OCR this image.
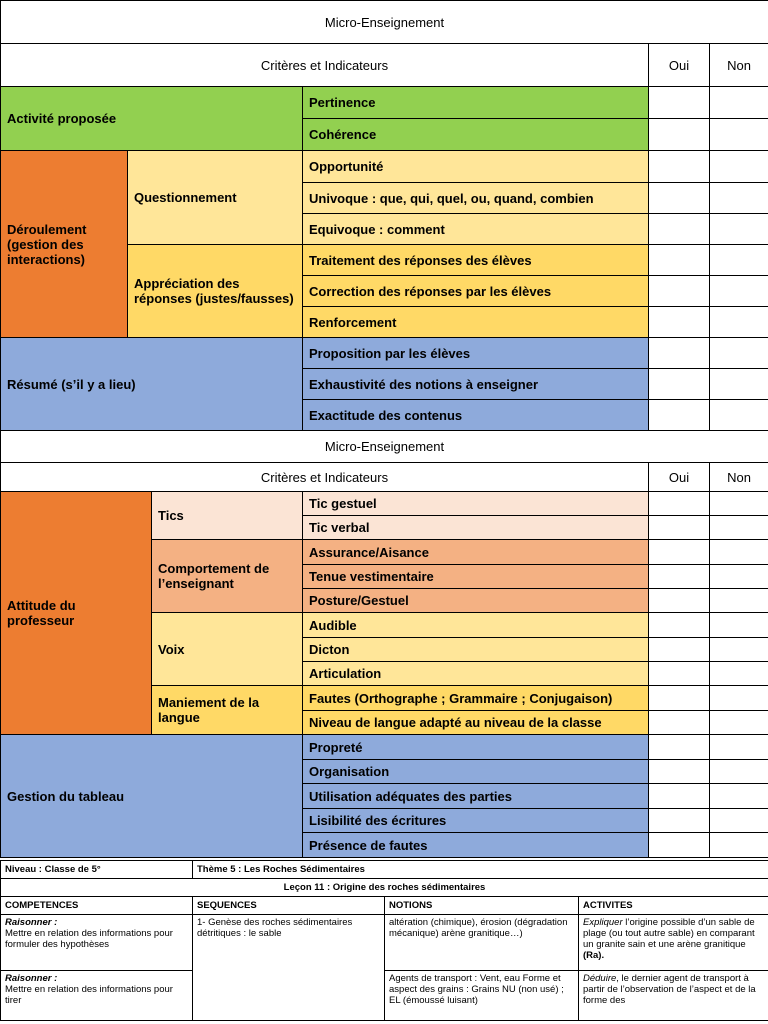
Micro-Enseignement				
Critères et Indicateurs			Oui	Non
Activité proposée		Pertinence		
		Cohérence		
Déroulement (gestion des interactions)	Questionnement	Opportunité		
		Univoque : que, qui, quel, ou, quand, combien		
		Equivoque : comment		
	Appréciation des réponses (justes/fausses)	Traitement des réponses des élèves		
		Correction des réponses par les élèves		
		Renforcement		
Résumé (s’il y a lieu)		Proposition par les élèves		
		Exhaustivité des notions à enseigner		
		Exactitude des contenus		
Micro-Enseignement				
Critères et Indicateurs			Oui	Non
Attitude du professeur	Tics	Tic gestuel		
		Tic verbal		
	Comportement de l’enseignant	Assurance/Aisance		
		Tenue vestimentaire		
		Posture/Gestuel		
	Voix	Audible		
		Dicton		
		Articulation		
	Maniement de la langue	Fautes (Orthographe ; Grammaire ; Conjugaison)		
		Niveau de langue adapté au niveau de la classe		
Gestion du tableau		Propreté		
		Organisation		
		Utilisation adéquates des parties		
		Lisibilité des écritures		
		Présence de fautes		
Niveau : Classe de 5°	Thème 5 : Les Roches Sédimentaires		
Leçon 11 : Origine des roches sédimentaires			
COMPETENCES	SEQUENCES	NOTIONS	ACTIVITES

Raisonner :
Mettre en relation des informations pour formuler des hypothèses	1- Genèse des roches sédimentaires détritiques : le sable	altération (chimique), érosion (dégradation mécanique) arène granitique…)	Expliquer l’origine possible d’un sable de plage (ou tout autre sable) en comparant un granite sain et une arène granitique (Ra).

Raisonner :
Mettre en relation des informations pour tirer		Agents de transport : Vent, eau Forme et aspect des grains : Grains NU (non usé) ; EL (émoussé luisant)	Déduire, le dernier agent de transport à partir de l’observation de l’aspect et de la forme des
